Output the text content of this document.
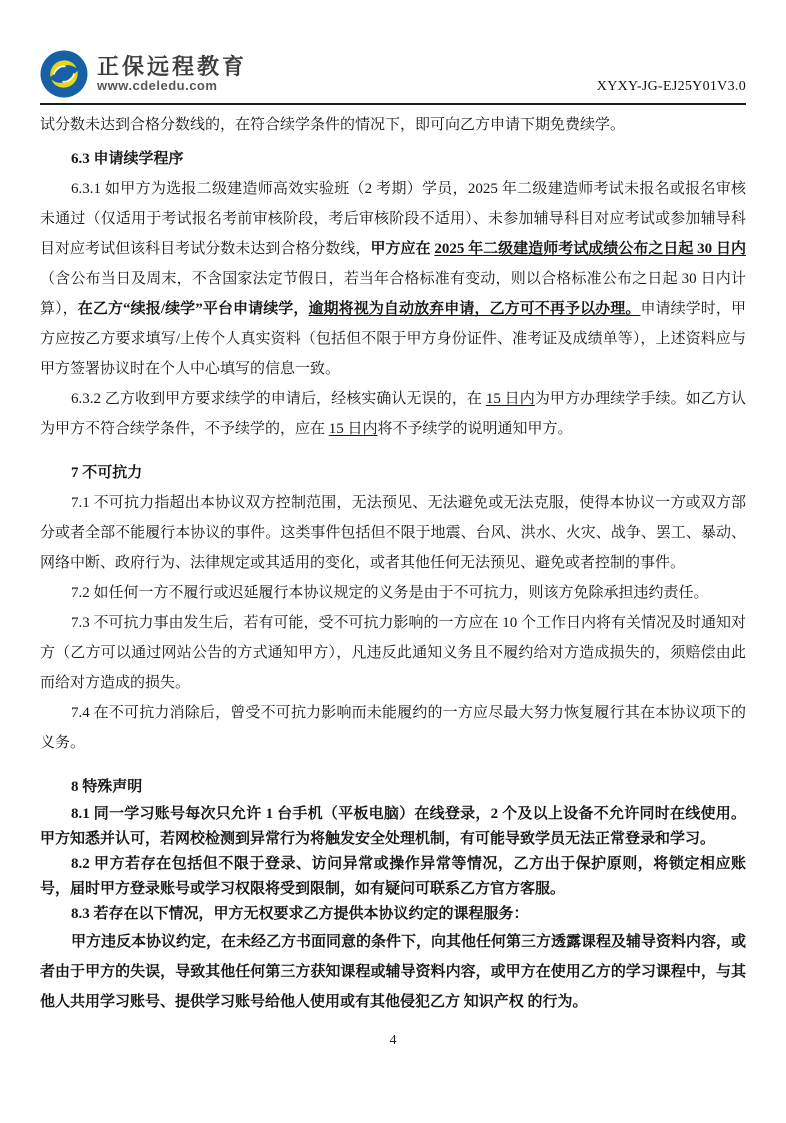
正保远程教育
www.cdeledu.com	XYXY-JG-EJ25Y01V3.0

试分数未达到合格分数线的，在符合续学条件的情况下，即可向乙方申请下期免费续学。

6.3 申请续学程序

6.3.1 如甲方为选报二级建造师高效实验班（2 考期）学员，2025 年二级建造师考试未报名或报名审核未通过（仅适用于考试报名考前审核阶段，考后审核阶段不适用）、未参加辅导科目对应考试或参加辅导科目对应考试但该科目考试分数未达到合格分数线，甲方应在 2025 年二级建造师考试成绩公布之日起 30 日内（含公布当日及周末，不含国家法定节假日，若当年合格标准有变动，则以合格标准公布之日起 30 日内计算），在乙方“续报/续学”平台申请续学，逾期将视为自动放弃申请，乙方可不再予以办理。申请续学时，甲方应按乙方要求填写/上传个人真实资料（包括但不限于甲方身份证件、准考证及成绩单等），上述资料应与甲方签署协议时在个人中心填写的信息一致。

6.3.2 乙方收到甲方要求续学的申请后，经核实确认无误的，在 15 日内为甲方办理续学手续。如乙方认为甲方不符合续学条件，不予续学的，应在 15 日内将不予续学的说明通知甲方。

7 不可抗力

7.1 不可抗力指超出本协议双方控制范围，无法预见、无法避免或无法克服，使得本协议一方或双方部分或者全部不能履行本协议的事件。这类事件包括但不限于地震、台风、洪水、火灾、战争、罢工、暴动、网络中断、政府行为、法律规定或其适用的变化，或者其他任何无法预见、避免或者控制的事件。

7.2 如任何一方不履行或迟延履行本协议规定的义务是由于不可抗力，则该方免除承担违约责任。

7.3 不可抗力事由发生后，若有可能，受不可抗力影响的一方应在 10 个工作日内将有关情况及时通知对方（乙方可以通过网站公告的方式通知甲方），凡违反此通知义务且不履约给对方造成损失的，须赔偿由此而给对方造成的损失。

7.4 在不可抗力消除后，曾受不可抗力影响而未能履约的一方应尽最大努力恢复履行其在本协议项下的义务。

8 特殊声明

8.1 同一学习账号每次只允许 1 台手机（平板电脑）在线登录，2 个及以上设备不允许同时在线使用。甲方知悉并认可，若网校检测到异常行为将触发安全处理机制，有可能导致学员无法正常登录和学习。

8.2 甲方若存在包括但不限于登录、访问异常或操作异常等情况，乙方出于保护原则，将锁定相应账号，届时甲方登录账号或学习权限将受到限制，如有疑问可联系乙方官方客服。

8.3 若存在以下情况，甲方无权要求乙方提供本协议约定的课程服务：

甲方违反本协议约定，在未经乙方书面同意的条件下，向其他任何第三方透露课程及辅导资料内容，或者由于甲方的失误，导致其他任何第三方获知课程或辅导资料内容，或甲方在使用乙方的学习课程中，与其他人共用学习账号、提供学习账号给他人使用或有其他侵犯乙方 知识产权 的行为。

4
